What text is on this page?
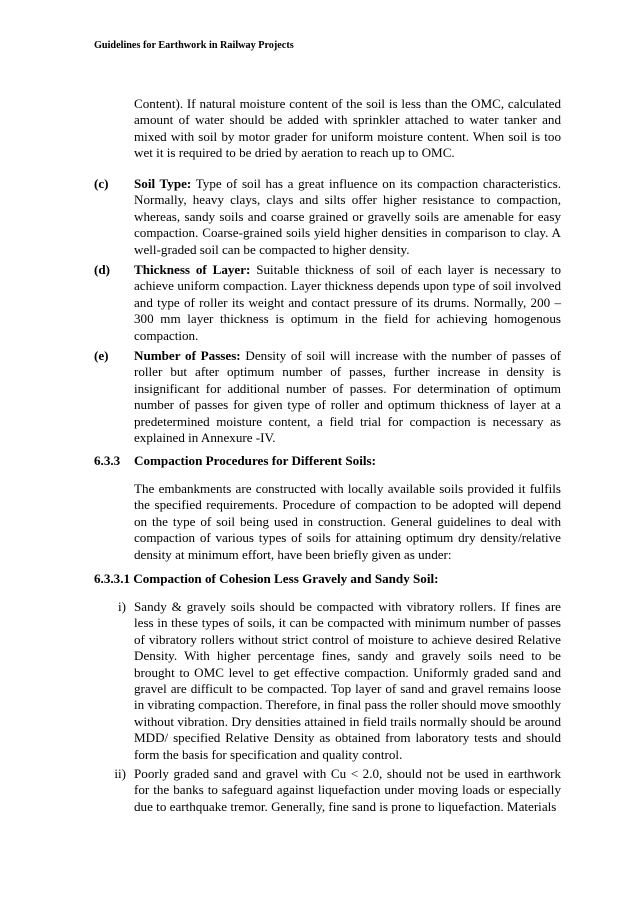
Guidelines for Earthwork in Railway Projects
Content). If natural moisture content of the soil is less than the OMC, calculated amount of water should be added with sprinkler attached to water tanker and mixed with soil by motor grader for uniform moisture content. When soil is too wet it is required to be dried by aeration to reach up to OMC.
(c) Soil Type: Type of soil has a great influence on its compaction characteristics. Normally, heavy clays, clays and silts offer higher resistance to compaction, whereas, sandy soils and coarse grained or gravelly soils are amenable for easy compaction. Coarse-grained soils yield higher densities in comparison to clay. A well-graded soil can be compacted to higher density.
(d) Thickness of Layer: Suitable thickness of soil of each layer is necessary to achieve uniform compaction. Layer thickness depends upon type of soil involved and type of roller its weight and contact pressure of its drums. Normally, 200 – 300 mm layer thickness is optimum in the field for achieving homogenous compaction.
(e) Number of Passes: Density of soil will increase with the number of passes of roller but after optimum number of passes, further increase in density is insignificant for additional number of passes. For determination of optimum number of passes for given type of roller and optimum thickness of layer at a predetermined moisture content, a field trial for compaction is necessary as explained in Annexure -IV.
6.3.3 Compaction Procedures for Different Soils:
The embankments are constructed with locally available soils provided it fulfils the specified requirements. Procedure of compaction to be adopted will depend on the type of soil being used in construction. General guidelines to deal with compaction of various types of soils for attaining optimum dry density/relative density at minimum effort, have been briefly given as under:
6.3.3.1 Compaction of Cohesion Less Gravely and Sandy Soil:
i) Sandy & gravely soils should be compacted with vibratory rollers. If fines are less in these types of soils, it can be compacted with minimum number of passes of vibratory rollers without strict control of moisture to achieve desired Relative Density. With higher percentage fines, sandy and gravely soils need to be brought to OMC level to get effective compaction. Uniformly graded sand and gravel are difficult to be compacted. Top layer of sand and gravel remains loose in vibrating compaction. Therefore, in final pass the roller should move smoothly without vibration. Dry densities attained in field trails normally should be around MDD/ specified Relative Density as obtained from laboratory tests and should form the basis for specification and quality control.
ii) Poorly graded sand and gravel with Cu < 2.0, should not be used in earthwork for the banks to safeguard against liquefaction under moving loads or especially due to earthquake tremor. Generally, fine sand is prone to liquefaction. Materials
